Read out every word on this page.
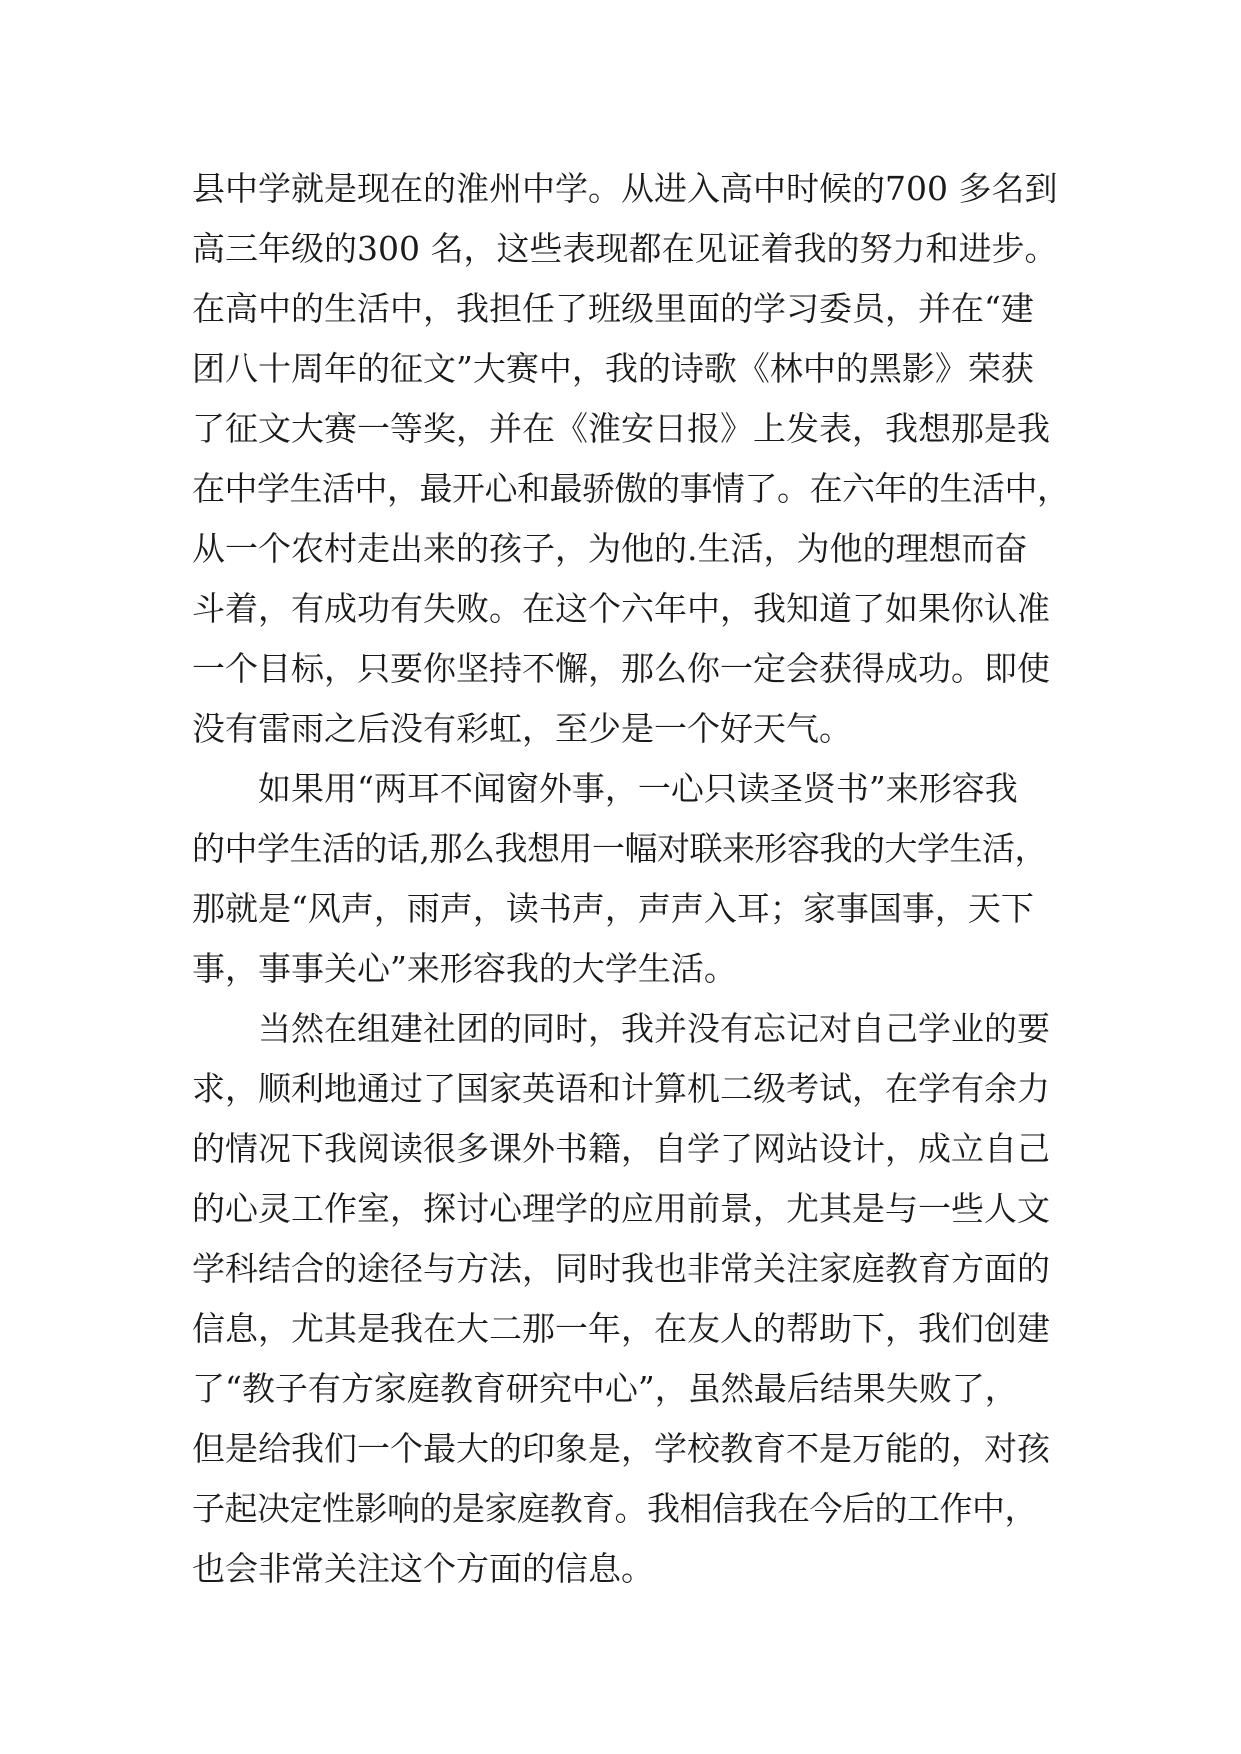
县中学就是现在的淮州中学。从进入高中时候的700 多名到
高三年级的300 名，这些表现都在见证着我的努力和进步。
在高中的生活中，我担任了班级里面的学习委员，并在“建
团八十周年的征文”大赛中，我的诗歌《林中的黑影》荣获
了征文大赛一等奖，并在《淮安日报》上发表，我想那是我
在中学生活中，最开心和最骄傲的事情了。在六年的生活中，
从一个农村走出来的孩子，为他的.生活，为他的理想而奋
斗着，有成功有失败。在这个六年中，我知道了如果你认准
一个目标，只要你坚持不懈，那么你一定会获得成功。即使
没有雷雨之后没有彩虹，至少是一个好天气。
如果用“两耳不闻窗外事，一心只读圣贤书”来形容我
的中学生活的话,那么我想用一幅对联来形容我的大学生活，
那就是“风声，雨声，读书声，声声入耳；家事国事，天下
事，事事关心”来形容我的大学生活。
当然在组建社团的同时，我并没有忘记对自己学业的要
求，顺利地通过了国家英语和计算机二级考试，在学有余力
的情况下我阅读很多课外书籍，自学了网站设计，成立自己
的心灵工作室，探讨心理学的应用前景，尤其是与一些人文
学科结合的途径与方法，同时我也非常关注家庭教育方面的
信息，尤其是我在大二那一年，在友人的帮助下，我们创建
了“教子有方家庭教育研究中心”，虽然最后结果失败了，
但是给我们一个最大的印象是，学校教育不是万能的，对孩
子起决定性影响的是家庭教育。我相信我在今后的工作中，
也会非常关注这个方面的信息。
